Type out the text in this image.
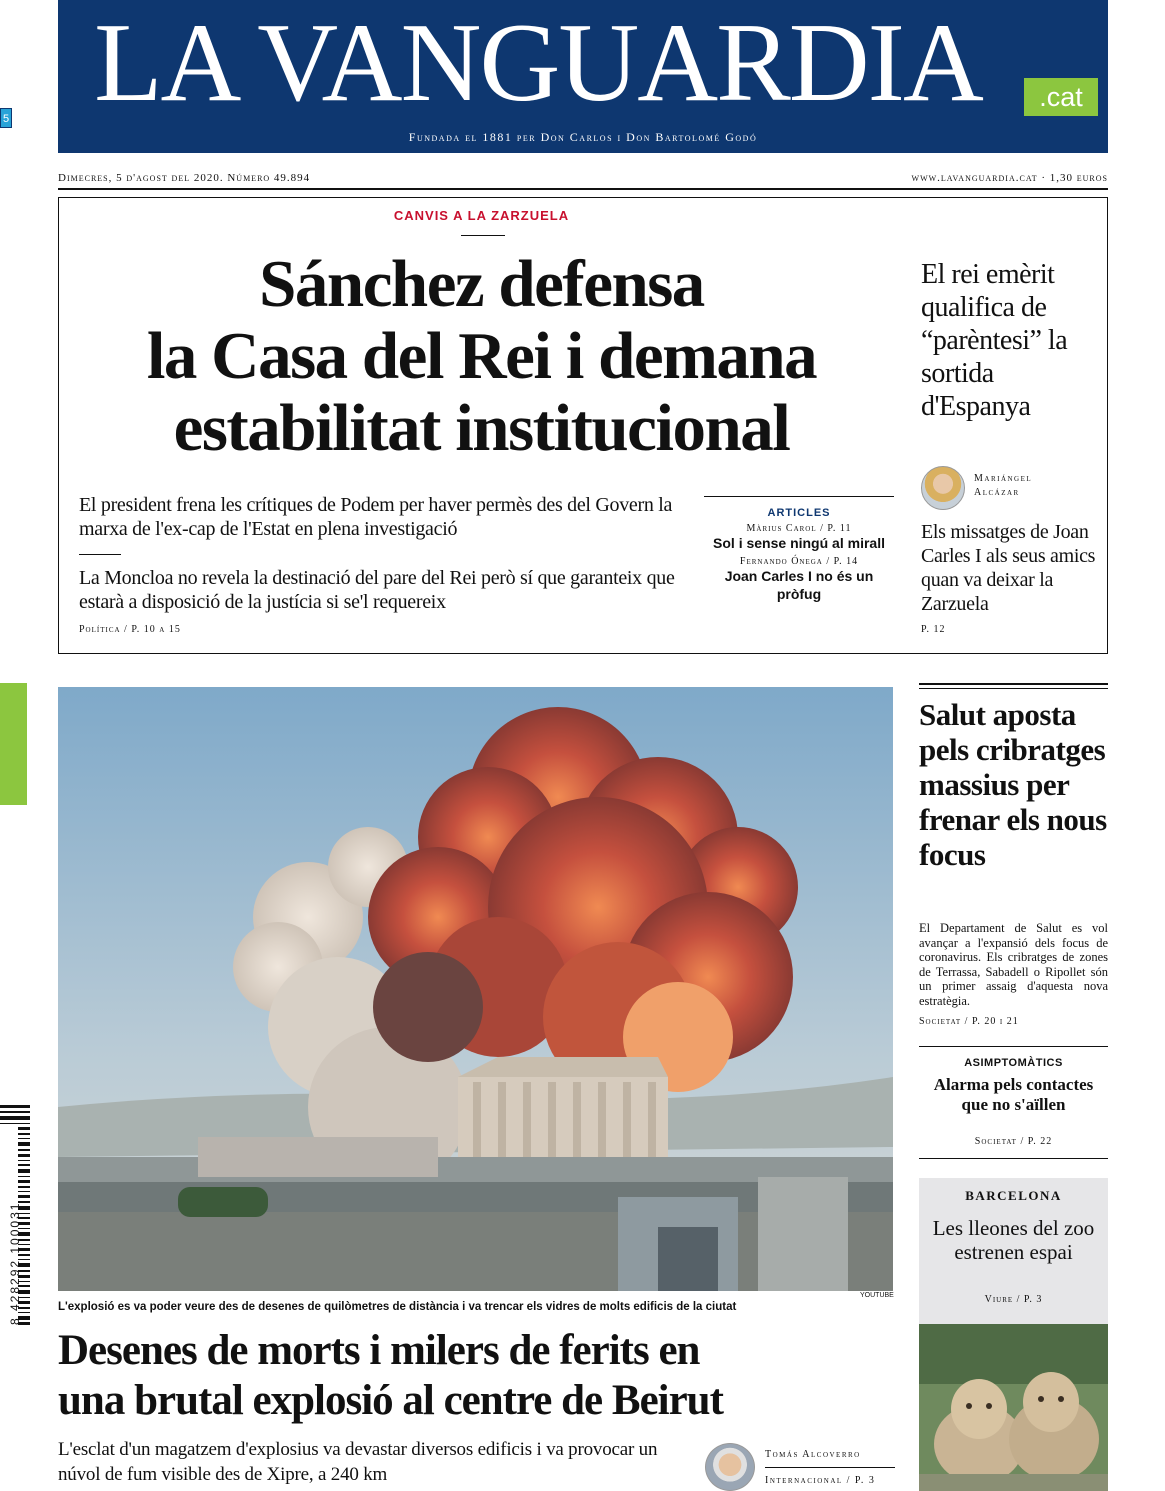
LA VANGUARDIA	.cat
Fundada el 1881 per Don Carlos i Don Bartolomé Godó
5
Dimecres, 5 d'agost del 2020. Número 49.894	www.lavanguardia.cat · 1,30 euros
CANVIS A LA ZARZUELA
Sánchez defensa
la Casa del Rei i demana
estabilitat institucional
El president frena les crítiques de Podem per haver permès des del Govern la marxa de l'ex-cap de l'Estat en plena investigació
La Moncloa no revela la destinació del pare del Rei però sí que garanteix que estarà a disposició de la justícia si se'l requereix
Política / P. 10 a 15
ARTICLES
Màrius Carol / P. 11
Sol i sense ningú al mirall
Fernando Ónega / P. 14
Joan Carles I no és un pròfug
El rei emèrit qualifica de “parèntesi” la sortida d'Espanya
Mariángel Alcázar
Els missatges de Joan Carles I als seus amics quan va deixar la Zarzuela
P. 12
YOUTUBE
L'explosió es va poder veure des de desenes de quilòmetres de distància i va trencar els vidres de molts edificis de la ciutat
Desenes de morts i milers de ferits en
una brutal explosió al centre de Beirut
L'esclat d'un magatzem d'explosius va devastar diversos edificis i va provocar un núvol de fum visible des de Xipre, a 240 km
Tomás Alcoverro
Internacional / P. 3
Salut aposta pels cribratges massius per frenar els nous focus
El Departament de Salut es vol avançar a l'expansió dels focus de coronavirus. Els cribratges de zones de Terrassa, Sabadell o Ripollet són un primer assaig d'aquesta nova estratègia.
Societat / P. 20 i 21
ASIMPTOMÀTICS
Alarma pels contactes que no s'aïllen
Societat / P. 22
BARCELONA
Les lleones del zoo estrenen espai
Viure / P. 3
8 428292 100031
